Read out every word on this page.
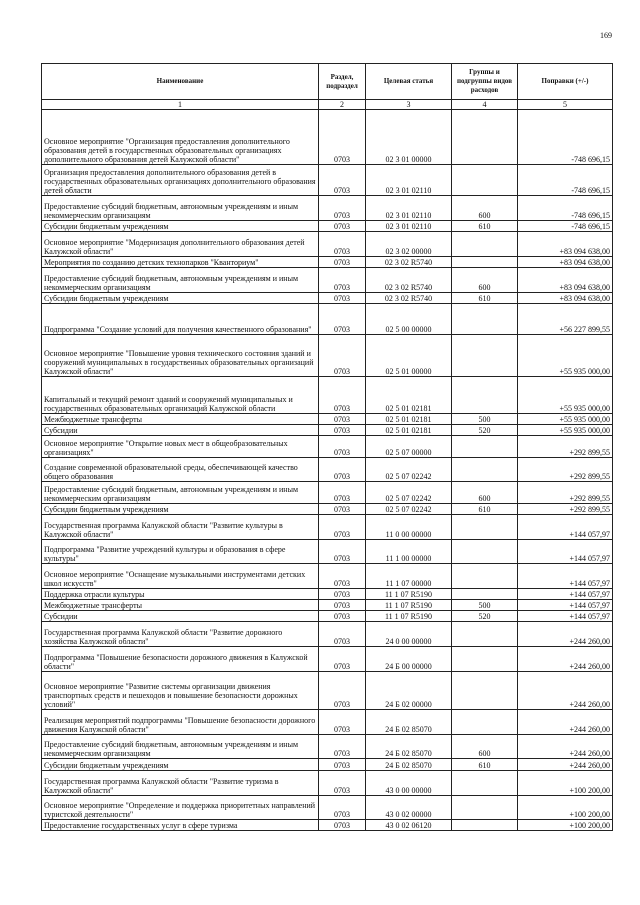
169
Наименование	Раздел, подраздел	Целевая статья	Группы и подгруппы видов расходов	Поправки (+/-)
1	2	3	4	5
Основное мероприятие "Организация предоставления дополнительного образования детей в государственных образовательных организациях дополнительного образования детей Калужской области"	0703	02 3 01 00000		-748 696,15
Организация предоставления дополнительного образования детей в государственных образовательных организациях дополнительного образования детей области	0703	02 3 01 02110		-748 696,15
Предоставление субсидий бюджетным, автономным учреждениям и иным некоммерческим организациям	0703	02 3 01 02110	600	-748 696,15
Субсидии бюджетным учреждениям	0703	02 3 01 02110	610	-748 696,15
Основное мероприятие "Модернизация дополнительного образования детей Калужской области"	0703	02 3 02 00000		+83 094 638,00
Мероприятия по созданию детских технопарков "Кванториум"	0703	02 3 02 R5740		+83 094 638,00
Предоставление субсидий бюджетным, автономным учреждениям и иным некоммерческим организациям	0703	02 3 02 R5740	600	+83 094 638,00
Субсидии бюджетным учреждениям	0703	02 3 02 R5740	610	+83 094 638,00
Подпрограмма "Создание условий для получения качественного образования"	0703	02 5 00 00000		+56 227 899,55
Основное мероприятие "Повышение уровня технического состояния зданий и сооружений муниципальных в государственных образовательных организаций Калужской области"	0703	02 5 01 00000		+55 935 000,00
Капитальный и текущий ремонт зданий и сооружений муниципальных и государственных образовательных организаций Калужской области	0703	02 5 01 02181		+55 935 000,00
Межбюджетные трансферты	0703	02 5 01 02181	500	+55 935 000,00
Субсидии	0703	02 5 01 02181	520	+55 935 000,00
Основное мероприятие "Открытие новых мест в общеобразовательных организациях"	0703	02 5 07 00000		+292 899,55
Создание современной образовательной среды, обеспечивающей качество общего образования	0703	02 5 07 02242		+292 899,55
Предоставление субсидий бюджетным, автономным учреждениям и иным некоммерческим организациям	0703	02 5 07 02242	600	+292 899,55
Субсидии бюджетным учреждениям	0703	02 5 07 02242	610	+292 899,55
Государственная программа Калужской области "Развитие культуры в Калужской области"	0703	11 0 00 00000		+144 057,97
Подпрограмма "Развитие учреждений культуры и образования в сфере культуры"	0703	11 1 00 00000		+144 057,97
Основное мероприятие "Оснащение музыкальными инструментами детских школ искусств"	0703	11 1 07 00000		+144 057,97
Поддержка отрасли культуры	0703	11 1 07 R5190		+144 057,97
Межбюджетные трансферты	0703	11 1 07 R5190	500	+144 057,97
Субсидии	0703	11 1 07 R5190	520	+144 057,97
Государственная программа Калужской области "Развитие дорожного хозяйства Калужской области"	0703	24 0 00 00000		+244 260,00
Подпрограмма "Повышение безопасности дорожного движения в Калужской области"	0703	24 Б 00 00000		+244 260,00
Основное мероприятие "Развитие системы организации движения транспортных средств и пешеходов и повышение безопасности дорожных условий"	0703	24 Б 02 00000		+244 260,00
Реализация мероприятий подпрограммы "Повышение безопасности дорожного движения Калужской области"	0703	24 Б 02 85070		+244 260,00
Предоставление субсидий бюджетным, автономным учреждениям и иным некоммерческим организациям	0703	24 Б 02 85070	600	+244 260,00
Субсидии бюджетным учреждениям	0703	24 Б 02 85070	610	+244 260,00
Государственная программа Калужской области "Развитие туризма в Калужской области"	0703	43 0 00 00000		+100 200,00
Основное мероприятие "Определение и поддержка приоритетных направлений туристской деятельности"	0703	43 0 02 00000		+100 200,00
Предоставление государственных услуг в сфере туризма	0703	43 0 02 06120		+100 200,00
